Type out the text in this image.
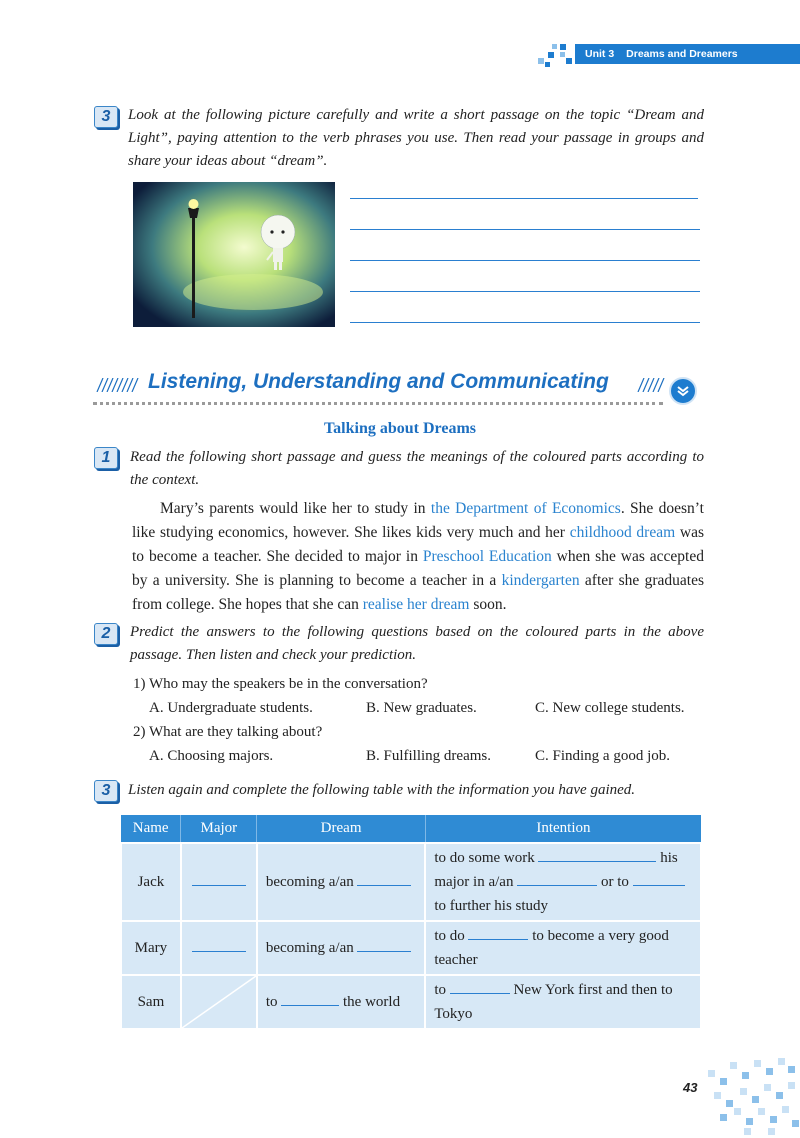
Unit 3 Dreams and Dreamers
3	Look at the following picture carefully and write a short passage on the topic “Dream and Light”, paying attention to the verb phrases you use. Then read your passage in groups and share your ideas about “dream”.
Listening, Understanding and Communicating
Talking about Dreams
1	Read the following short passage and guess the meanings of the coloured parts according to the context.
Mary’s parents would like her to study in the Department of Economics. She doesn’t like studying economics, however. She likes kids very much and her childhood dream was to become a teacher. She decided to major in Preschool Education when she was accepted by a university. She is planning to become a teacher in a kindergarten after she graduates from college. She hopes that she can realise her dream soon.
2	Predict the answers to the following questions based on the coloured parts in the above passage. Then listen and check your prediction.
1) Who may the speakers be in the conversation?
A. Undergraduate students.	B. New graduates.	C. New college students.
2) What are they talking about?
A. Choosing majors.	B. Fulfilling dreams.	C. Finding a good job.
3	Listen again and complete the following table with the information you have gained.
Name	Major	Dream	Intention
Jack		becoming a/an	to do some work his major in a/an or to  to further his study
Mary		becoming a/an	to do to become a very good teacher
Sam		to the world	to New York first and then to Tokyo
43
